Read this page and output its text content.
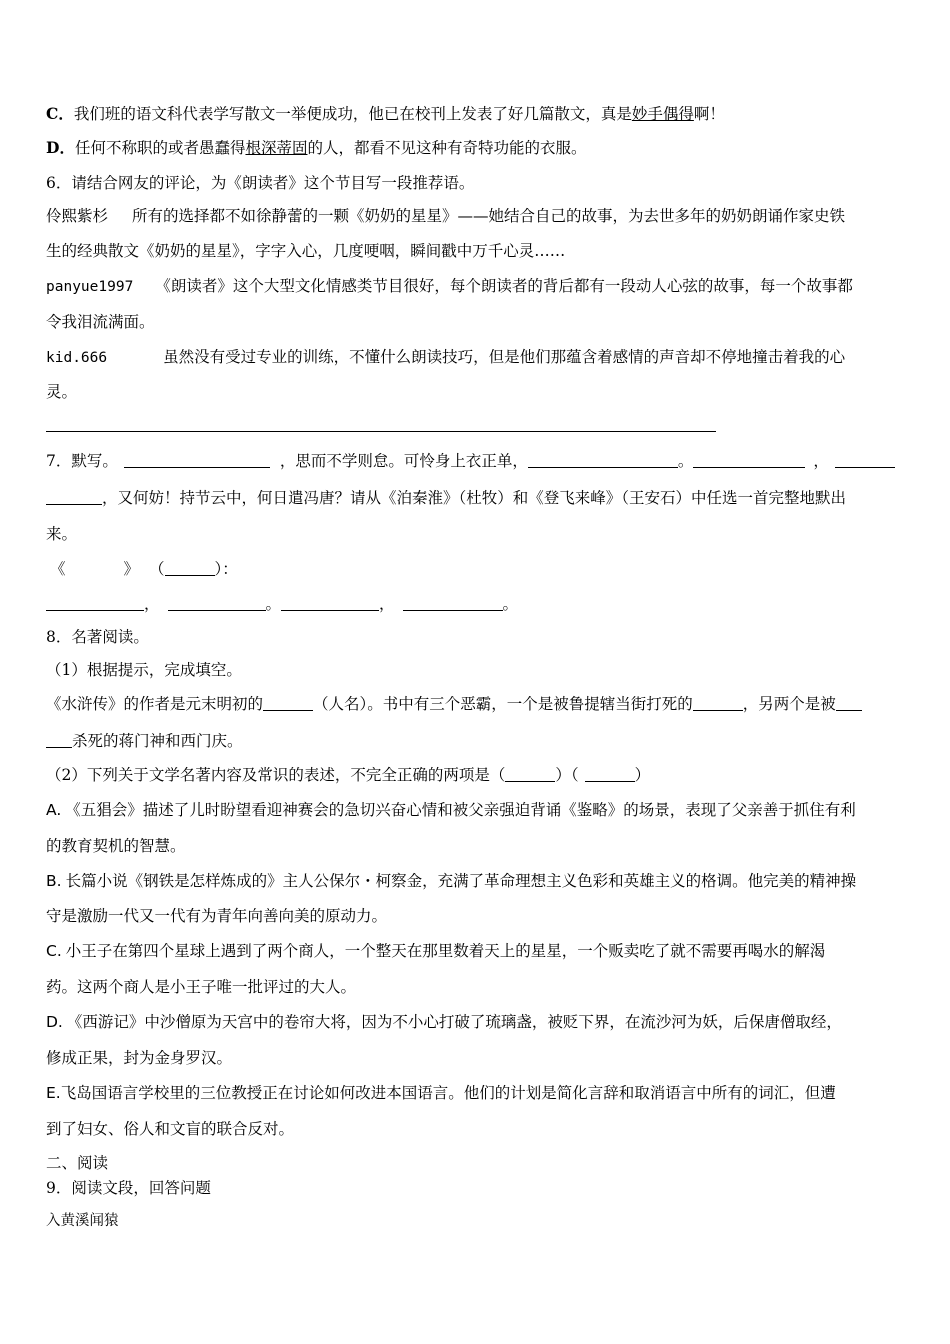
C．我们班的语文科代表学写散文一举便成功，他已在校刊上发表了好几篇散文，真是妙手偶得啊！
D．任何不称职的或者愚蠢得根深蒂固的人，都看不见这种有奇特功能的衣服。
6．请结合网友的评论，为《朗读者》这个节目写一段推荐语。
伶熙紫杉 所有的选择都不如徐静蕾的一颗《奶奶的星星》——她结合自己的故事，为去世多年的奶奶朗诵作家史铁
生的经典散文《奶奶的星星》，字字入心，几度哽咽，瞬间戳中万千心灵……
panyue1997 《朗读者》这个大型文化情感类节目很好，每个朗读者的背后都有一段动人心弦的故事，每一个故事都
令我泪流满面。
kid.666	虽然没有受过专业的训练，不懂什么朗读技巧，但是他们那蕴含着感情的声音却不停地撞击着我的心
灵。
7．默写。	，思而不学则怠。可怜身上衣正单，	。	，
，又何妨！持节云中，何日遣冯唐？请从《泊秦淮》（杜牧）和《登飞来峰》（王安石）中任选一首完整地默出
来。
《	》 （	）：
，	。	，	。
8．名著阅读。
（1）根据提示，完成填空。
《水浒传》的作者是元末明初的	（人名）。书中有三个恶霸，一个是被鲁提辖当街打死的	，另两个是被
杀死的蒋门神和西门庆。
（2）下列关于文学名著内容及常识的表述，不完全正确的两项是（	）（	）
A. 《五猖会》描述了儿时盼望看迎神赛会的急切兴奋心情和被父亲强迫背诵《鉴略》的场景，表现了父亲善于抓住有利
的教育契机的智慧。
B. 长篇小说《钢铁是怎样炼成的》主人公保尔・柯察金，充满了革命理想主义色彩和英雄主义的格调。他完美的精神操
守是激励一代又一代有为青年向善向美的原动力。
C. 小王子在第四个星球上遇到了两个商人，一个整天在那里数着天上的星星，一个贩卖吃了就不需要再喝水的解渴
药。这两个商人是小王子唯一批评过的大人。
D. 《西游记》中沙僧原为天宫中的卷帘大将，因为不小心打破了琉璃盏，被贬下界，在流沙河为妖，后保唐僧取经，
修成正果，封为金身罗汉。
E.飞岛国语言学校里的三位教授正在讨论如何改进本国语言。他们的计划是简化言辞和取消语言中所有的词汇，但遭
到了妇女、俗人和文盲的联合反对。
二、阅读
9．阅读文段，回答问题
入黄溪闻猿
